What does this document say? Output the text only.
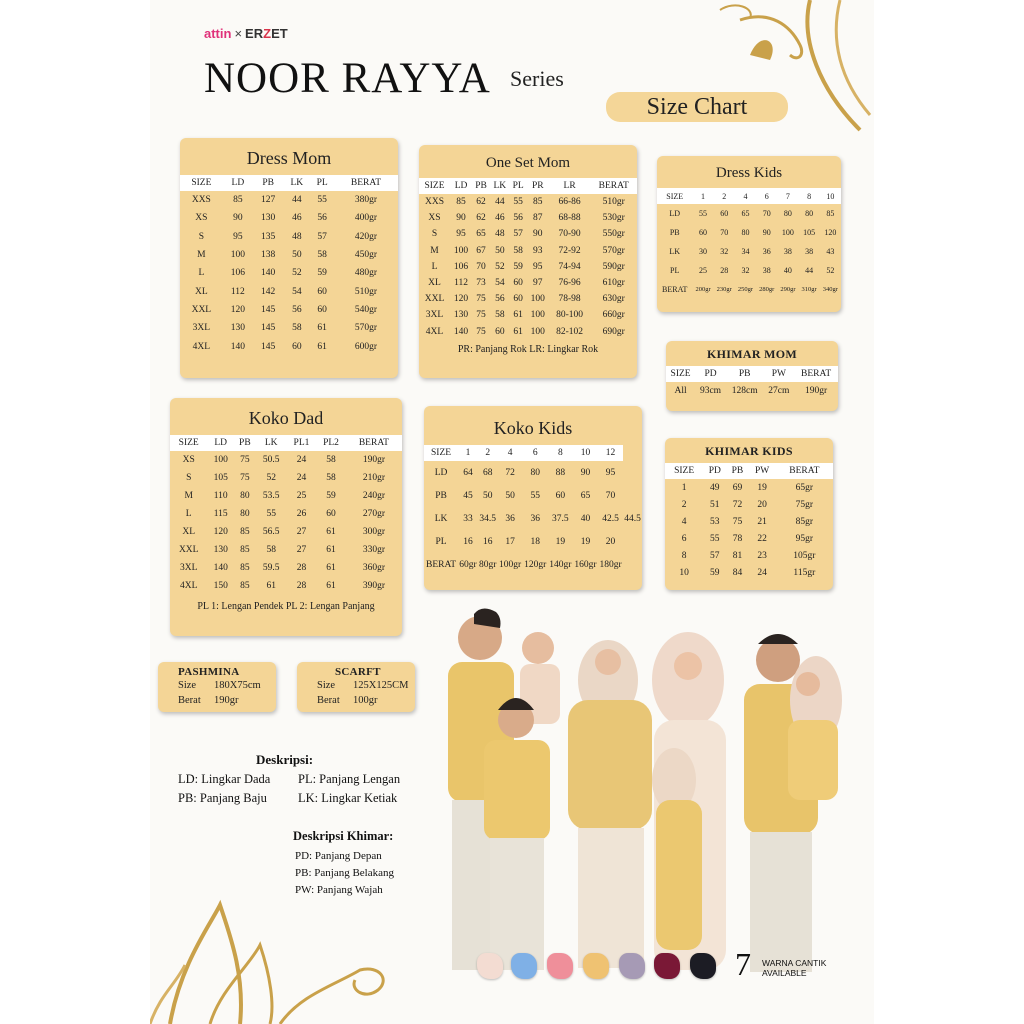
attin × ERZET
NOOR RAYYA Series
Size Chart
Dress Mom
SIZE	LD	PB	LK	PL	BERAT
XXS	85	127	44	55	380gr
XS	90	130	46	56	400gr
S	95	135	48	57	420gr
M	100	138	50	58	450gr
L	106	140	52	59	480gr
XL	112	142	54	60	510gr
XXL	120	145	56	60	540gr
3XL	130	145	58	61	570gr
4XL	140	145	60	61	600gr
One Set Mom
SIZE	LD	PB	LK	PL	PR	LR	BERAT
XXS	85	62	44	55	85	66-86	510gr
XS	90	62	46	56	87	68-88	530gr
S	95	65	48	57	90	70-90	550gr
M	100	67	50	58	93	72-92	570gr
L	106	70	52	59	95	74-94	590gr
XL	112	73	54	60	97	76-96	610gr
XXL	120	75	56	60	100	78-98	630gr
3XL	130	75	58	61	100	80-100	660gr
4XL	140	75	60	61	100	82-102	690gr
PR: Panjang Rok LR: Lingkar Rok
Dress Kids
SIZE	1	2	4	6	7	8	10
LD	55	60	65	70	80	80	85
PB	60	70	80	90	100	105	120
LK	30	32	34	36	38	38	43
PL	25	28	32	38	40	44	52
BERAT	200gr	230gr	250gr	280gr	290gr	310gr	340gr
KHIMAR MOM
SIZE	PD	PB	PW	BERAT
All	93cm	128cm	27cm	190gr
Koko Dad
SIZE	LD	PB	LK	PL1	PL2	BERAT
XS	100	75	50.5	24	58	190gr
S	105	75	52	24	58	210gr
M	110	80	53.5	25	59	240gr
L	115	80	55	26	60	270gr
XL	120	85	56.5	27	61	300gr
XXL	130	85	58	27	61	330gr
3XL	140	85	59.5	28	61	360gr
4XL	150	85	61	28	61	390gr
PL 1: Lengan Pendek PL 2: Lengan Panjang
Koko Kids
SIZE	1	2	4	6	8	10	12	
LD	64	68	72	80	88	90	95	
PB	45	50	50	55	60	65	70	
LK	33	34.5	36	36	37.5	40	42.5	44.5
PL	16	16	17	18	19	19	20	
BERAT	60gr	80gr	100gr	120gr	140gr	160gr	180gr	
KHIMAR KIDS
SIZE	PD	PB	PW	BERAT
1	49	69	19	65gr
2	51	72	20	75gr
4	53	75	21	85gr
6	55	78	22	95gr
8	57	81	23	105gr
10	59	84	24	115gr
PASHMINA
Size 180X75cm
Berat 190gr
SCARFT
Size 125X125CM
Berat 100gr
Deskripsi:
LD: Lingkar Dada PL: Panjang Lengan
PB: Panjang Baju LK: Lingkar Ketiak
Deskripsi Khimar:
PD: Panjang Depan
PB: Panjang Belakang
PW: Panjang Wajah
7 WARNA CANTIK
AVAILABLE
